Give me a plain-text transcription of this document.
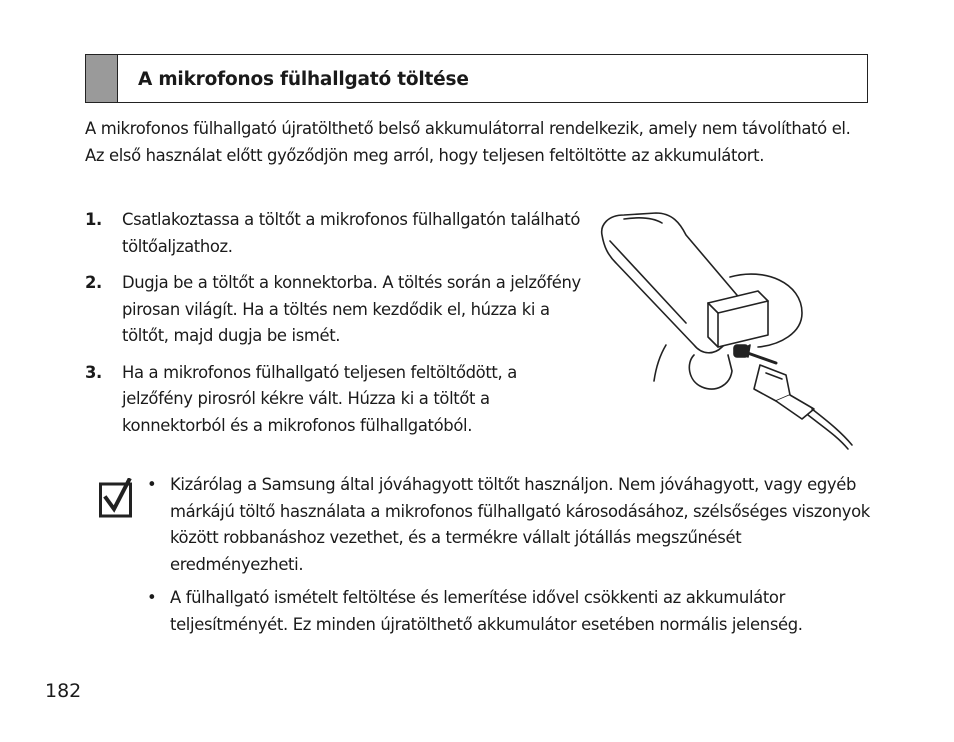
A mikrofonos fülhallgató töltése

A mikrofonos fülhallgató újratölthető belső akkumulátorral rendelkezik, amely nem távolítható el. Az első használat előtt győződjön meg arról, hogy teljesen feltöltötte az akkumulátort.

1. Csatlakoztassa a töltőt a mikrofonos fülhallgatón található töltőaljzathoz.
2. Dugja be a töltőt a konnektorba. A töltés során a jelzőfény pirosan világít. Ha a töltés nem kezdődik el, húzza ki a töltőt, majd dugja be ismét.
3. Ha a mikrofonos fülhallgató teljesen feltöltődött, a jelzőfény pirosról kékre vált. Húzza ki a töltőt a konnektorból és a mikrofonos fülhallgatóból.
• Kizárólag a Samsung által jóváhagyott töltőt használjon. Nem jóváhagyott, vagy egyéb márkájú töltő használata a mikrofonos fülhallgató károsodásához, szélsőséges viszonyok között robbanáshoz vezethet, és a termékre vállalt jótállás megszűnését eredményezheti.
• A fülhallgató ismételt feltöltése és lemerítése idővel csökkenti az akkumulátor teljesítményét. Ez minden újratölthető akkumulátor esetében normális jelenség.
182
